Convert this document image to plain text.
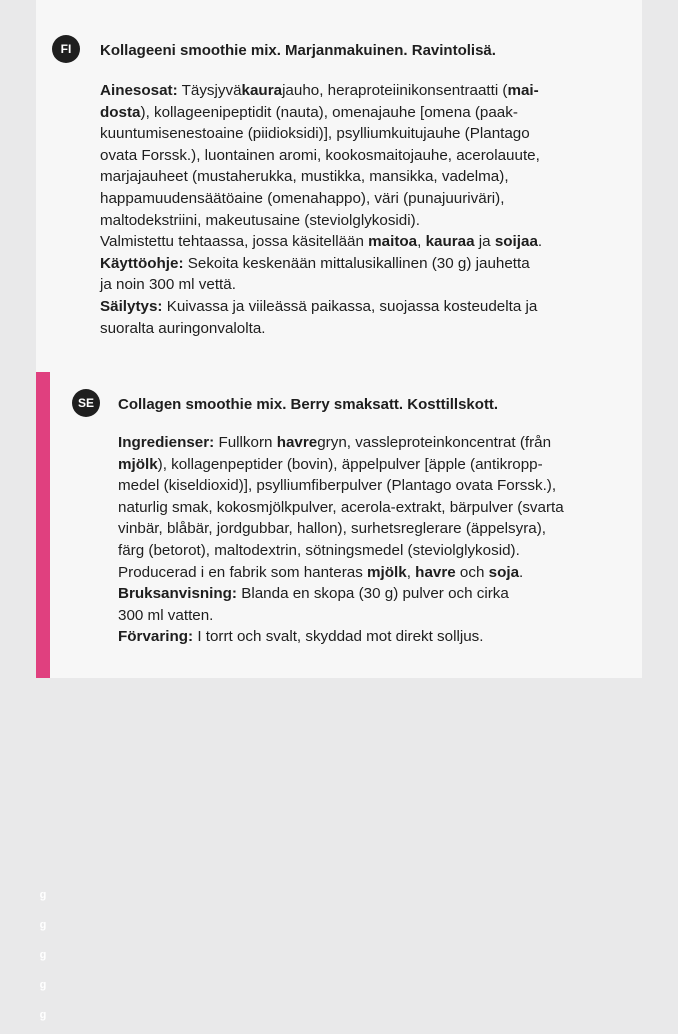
g
g
g
g
g
FI	Kollageeni smoothie mix. Marjanmakuinen. Ravintolisä.
Ainesosat: Täysjyväkaurajauho, heraproteiinikonsentraatti (mai-
dosta), kollageenipeptidit (nauta), omenajauhe [omena (paak-
kuuntumisenestoaine (piidioksidi)], psylliumkuitujauhe (Plantago
ovata Forssk.), luontainen aromi, kookosmaitojauhe, acerolauute,
marjajauheet (mustaherukka, mustikka, mansikka, vadelma),
happamuudensäätöaine (omenahappo), väri (punajuuriväri),
maltodekstriini, makeutusaine (steviolglykosidi).
Valmistettu tehtaassa, jossa käsitellään maitoa, kauraa ja soijaa.
Käyttöohje: Sekoita keskenään mittalusikallinen (30 g) jauhetta
ja noin 300 ml vettä.
Säilytys: Kuivassa ja viileässä paikassa, suojassa kosteudelta ja
suoralta auringonvalolta.
SE	Collagen smoothie mix. Berry smaksatt. Kosttillskott.
Ingredienser: Fullkorn havregryn, vassleproteinkoncentrat (från
mjölk), kollagenpeptider (bovin), äppelpulver [äpple (antikropp-
medel (kiseldioxid)], psylliumfiberpulver (Plantago ovata Forssk.),
naturlig smak, kokosmjölkpulver, acerola-extrakt, bärpulver (svarta
vinbär, blåbär, jordgubbar, hallon), surhetsreglerare (äppelsyra),
färg (betorot), maltodextrin, sötningsmedel (steviolglykosid).
Producerad i en fabrik som hanteras mjölk, havre och soja.
Bruksanvisning: Blanda en skopa (30 g) pulver och cirka
300 ml vatten.
Förvaring: I torrt och svalt, skyddad mot direkt solljus.
